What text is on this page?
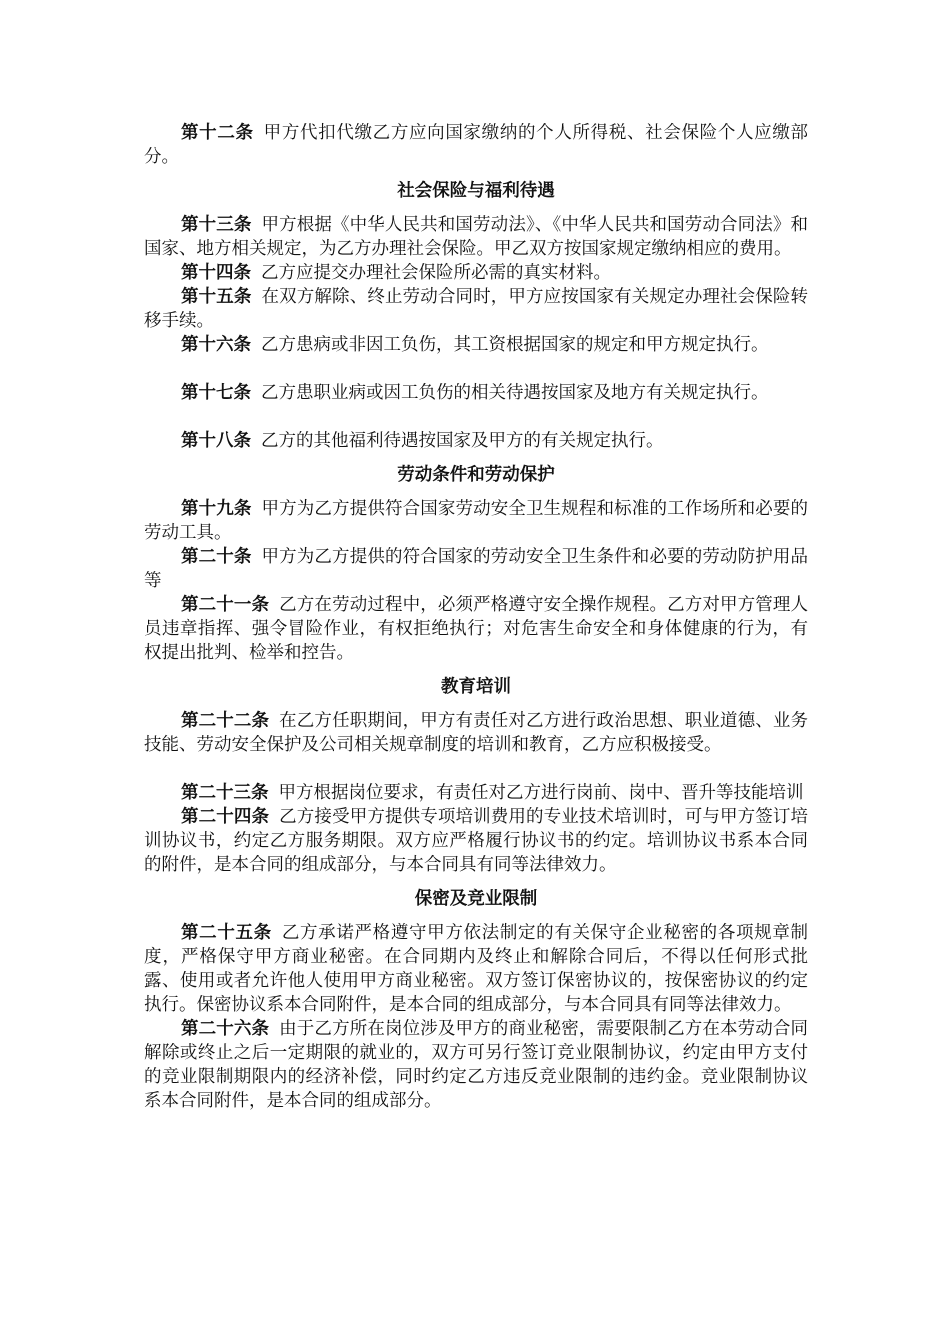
第十二条 甲方代扣代缴乙方应向国家缴纳的个人所得税、社会保险个人应缴部分。

社会保险与福利待遇

第十三条 甲方根据《中华人民共和国劳动法》、《中华人民共和国劳动合同法》和国家、地方相关规定，为乙方办理社会保险。甲乙双方按国家规定缴纳相应的费用。

第十四条 乙方应提交办理社会保险所必需的真实材料。

第十五条 在双方解除、终止劳动合同时，甲方应按国家有关规定办理社会保险转移手续。

第十六条 乙方患病或非因工负伤，其工资根据国家的规定和甲方规定执行。

第十七条 乙方患职业病或因工负伤的相关待遇按国家及地方有关规定执行。

第十八条 乙方的其他福利待遇按国家及甲方的有关规定执行。

劳动条件和劳动保护

第十九条 甲方为乙方提供符合国家劳动安全卫生规程和标准的工作场所和必要的劳动工具。

第二十条 甲方为乙方提供的符合国家的劳动安全卫生条件和必要的劳动防护用品等

第二十一条 乙方在劳动过程中，必须严格遵守安全操作规程。乙方对甲方管理人员违章指挥、强令冒险作业，有权拒绝执行；对危害生命安全和身体健康的行为，有权提出批判、检举和控告。

教育培训

第二十二条 在乙方任职期间，甲方有责任对乙方进行政治思想、职业道德、业务技能、劳动安全保护及公司相关规章制度的培训和教育，乙方应积极接受。

第二十三条 甲方根据岗位要求，有责任对乙方进行岗前、岗中、晋升等技能培训

第二十四条 乙方接受甲方提供专项培训费用的专业技术培训时，可与甲方签订培训协议书，约定乙方服务期限。双方应严格履行协议书的约定。培训协议书系本合同的附件，是本合同的组成部分，与本合同具有同等法律效力。

保密及竞业限制

第二十五条 乙方承诺严格遵守甲方依法制定的有关保守企业秘密的各项规章制度，严格保守甲方商业秘密。在合同期内及终止和解除合同后，不得以任何形式批露、使用或者允许他人使用甲方商业秘密。双方签订保密协议的，按保密协议的约定执行。保密协议系本合同附件，是本合同的组成部分，与本合同具有同等法律效力。

第二十六条 由于乙方所在岗位涉及甲方的商业秘密，需要限制乙方在本劳动合同解除或终止之后一定期限的就业的，双方可另行签订竞业限制协议，约定由甲方支付的竞业限制期限内的经济补偿，同时约定乙方违反竞业限制的违约金。竞业限制协议系本合同附件，是本合同的组成部分。
